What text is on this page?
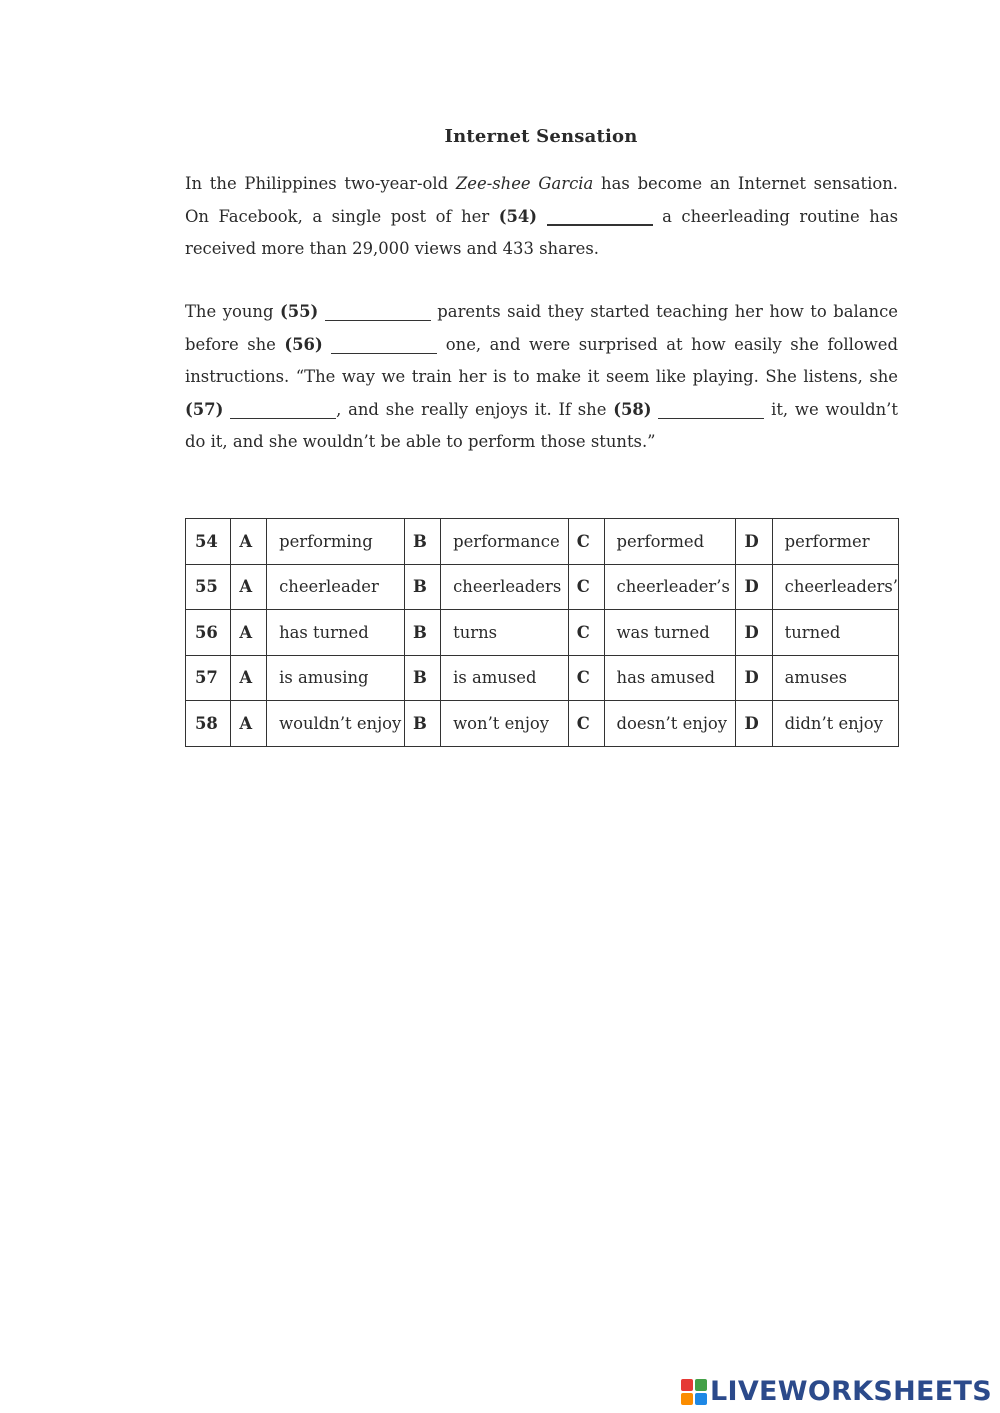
Internet Sensation

In the Philippines two-year-old Zee-shee Garcia has become an Internet sensation. On Facebook, a single post of her (54)	a cheerleading routine has received more than 29,000 views and 433 shares.

The young (55)	parents said they started teaching her how to balance before she (56)	one, and were surprised at how easily she followed instructions. “The way we train her is to make it seem like playing. She listens, she (57)	, and she really enjoys it. If she (58)	it, we wouldn’t do it, and she wouldn’t be able to perform those stunts.”

54	A	performing	B	performance	C	performed	D	performer
55	A	cheerleader	B	cheerleaders	C	cheerleader’s	D	cheerleaders’
56	A	has turned	B	turns	C	was turned	D	turned
57	A	is amusing	B	is amused	C	has amused	D	amuses
58	A	wouldn’t enjoy	B	won’t enjoy	C	doesn’t enjoy	D	didn’t enjoy
LIVEWORKSHEETS
